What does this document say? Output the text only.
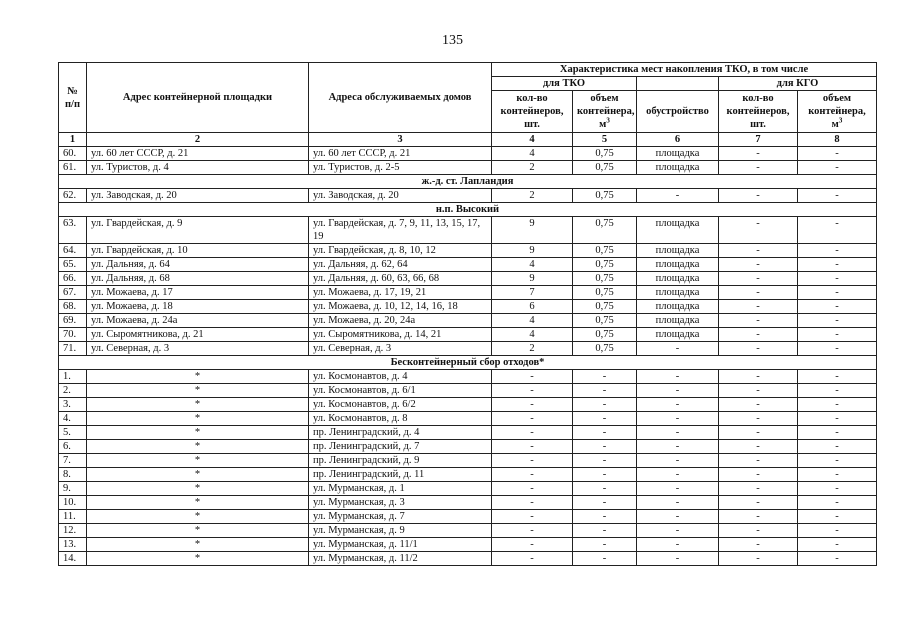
135
№ п/п	Адрес контейнерной площадки	Адреса обслуживаемых домов	Характеристика мест накопления ТКО, в том числе				
			для ТКО			для КГО	
			кол-во контейнеров, шт.	объем контейнера, $м^3$	обустройство	кол-во контейнеров, шт.	объем контейнера, $м^3$
1	2	3	4	5	6	7	8
60.	ул. 60 лет СССР, д. 21	ул. 60 лет СССР, д. 21	4	0,75	площадка	-	-
61.	ул. Туристов, д. 4	ул. Туристов, д. 2-5	2	0,75	площадка	-	-
ж.-д. ст. Лапландия							
62.	ул. Заводская, д. 20	ул. Заводская, д. 20	2	0,75	-	-	-
н.п. Высокий							
63.	ул. Гвардейская, д. 9	ул. Гвардейская, д. 7, 9, 11, 13, 15, 17, 19	9	0,75	площадка	-	-
64.	ул. Гвардейская, д. 10	ул. Гвардейская, д. 8, 10, 12	9	0,75	площадка	-	-
65.	ул. Дальняя, д. 64	ул. Дальняя, д. 62, 64	4	0,75	площадка	-	-
66.	ул. Дальняя, д. 68	ул. Дальняя, д. 60, 63, 66, 68	9	0,75	площадка	-	-
67.	ул. Можаева, д. 17	ул. Можаева, д. 17, 19, 21	7	0,75	площадка	-	-
68.	ул. Можаева, д. 18	ул. Можаева, д. 10, 12, 14, 16, 18	6	0,75	площадка	-	-
69.	ул. Можаева, д. 24а	ул. Можаева, д. 20, 24а	4	0,75	площадка	-	-
70.	ул. Сыромятникова, д. 21	ул. Сыромятникова, д. 14, 21	4	0,75	площадка	-	-
71.	ул. Северная, д. 3	ул. Северная, д. 3	2	0,75	-	-	-
Бесконтейнерный сбор отходов*							
1.	*	ул. Космонавтов, д. 4	-	-	-	-	-
2.	*	ул. Космонавтов, д. 6/1	-	-	-	-	-
3.	*	ул. Космонавтов, д. 6/2	-	-	-	-	-
4.	*	ул. Космонавтов, д. 8	-	-	-	-	-
5.	*	пр. Ленинградский, д. 4	-	-	-	-	-
6.	*	пр. Ленинградский, д. 7	-	-	-	-	-
7.	*	пр. Ленинградский, д. 9	-	-	-	-	-
8.	*	пр. Ленинградский, д. 11	-	-	-	-	-
9.	*	ул. Мурманская, д. 1	-	-	-	-	-
10.	*	ул. Мурманская, д. 3	-	-	-	-	-
11.	*	ул. Мурманская, д. 7	-	-	-	-	-
12.	*	ул. Мурманская, д. 9	-	-	-	-	-
13.	*	ул. Мурманская, д. 11/1	-	-	-	-	-
14.	*	ул. Мурманская, д. 11/2	-	-	-	-	-
